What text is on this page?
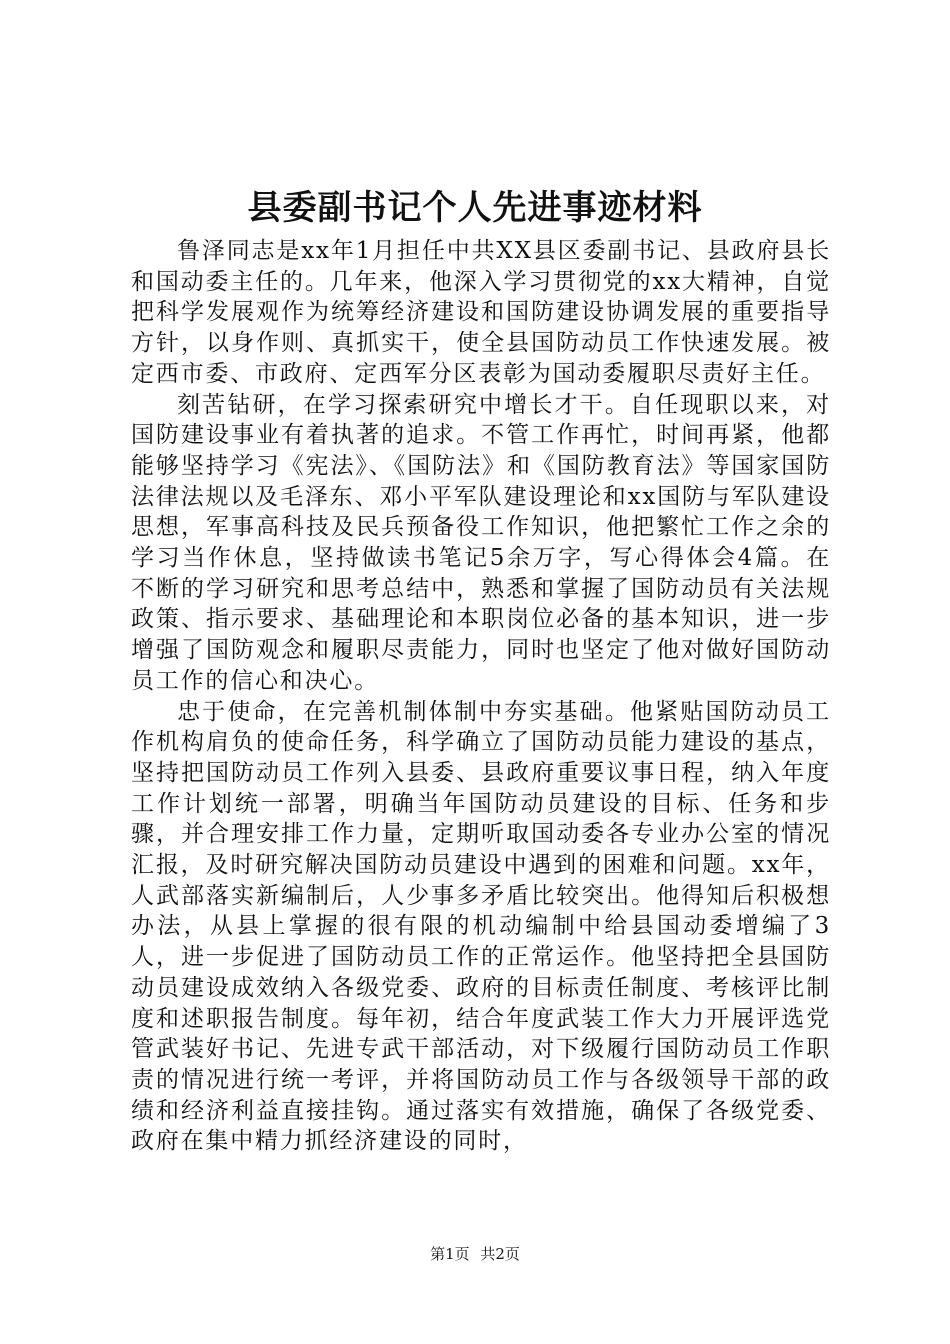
县委副书记个人先进事迹材料

鲁泽同志是xx年1月担任中共XX县区委副书记、县政府县长和国动委主任的。几年来，他深入学习贯彻党的xx大精神，自觉把科学发展观作为统筹经济建设和国防建设协调发展的重要指导方针，以身作则、真抓实干，使全县国防动员工作快速发展。被定西市委、市政府、定西军分区表彰为国动委履职尽责好主任。

刻苦钻研，在学习探索研究中增长才干。自任现职以来，对国防建设事业有着执著的追求。不管工作再忙，时间再紧，他都能够坚持学习《宪法》、《国防法》和《国防教育法》等国家国防法律法规以及毛泽东、邓小平军队建设理论和xx国防与军队建设思想，军事高科技及民兵预备役工作知识，他把繁忙工作之余的学习当作休息，坚持做读书笔记5余万字，写心得体会4篇。在不断的学习研究和思考总结中，熟悉和掌握了国防动员有关法规政策、指示要求、基础理论和本职岗位必备的基本知识，进一步增强了国防观念和履职尽责能力，同时也坚定了他对做好国防动员工作的信心和决心。

忠于使命，在完善机制体制中夯实基础。他紧贴国防动员工作机构肩负的使命任务，科学确立了国防动员能力建设的基点，坚持把国防动员工作列入县委、县政府重要议事日程，纳入年度工作计划统一部署，明确当年国防动员建设的目标、任务和步骤，并合理安排工作力量，定期听取国动委各专业办公室的情况汇报，及时研究解决国防动员建设中遇到的困难和问题。xx年，人武部落实新编制后，人少事多矛盾比较突出。他得知后积极想办法，从县上掌握的很有限的机动编制中给县国动委增编了3人，进一步促进了国防动员工作的正常运作。他坚持把全县国防动员建设成效纳入各级党委、政府的目标责任制度、考核评比制度和述职报告制度。每年初，结合年度武装工作大力开展评选党管武装好书记、先进专武干部活动，对下级履行国防动员工作职责的情况进行统一考评，并将国防动员工作与各级领导干部的政绩和经济利益直接挂钩。通过落实有效措施，确保了各级党委、政府在集中精力抓经济建设的同时，

第1页 共2页
